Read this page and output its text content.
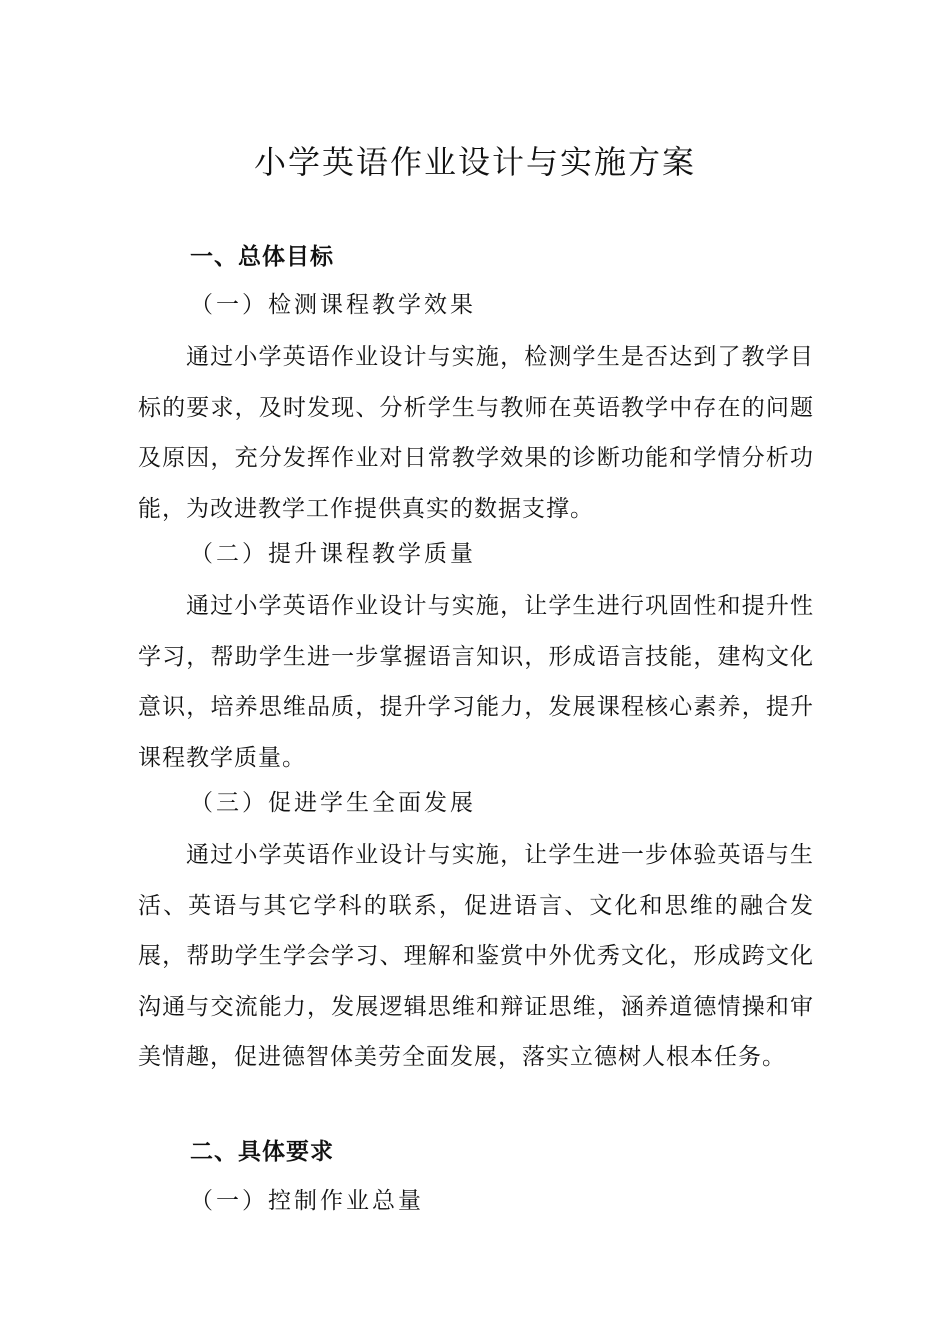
小学英语作业设计与实施方案
一、总体目标
（一）检测课程教学效果
通过小学英语作业设计与实施，检测学生是否达到了教学目标的要求，及时发现、分析学生与教师在英语教学中存在的问题及原因，充分发挥作业对日常教学效果的诊断功能和学情分析功能，为改进教学工作提供真实的数据支撑。
（二）提升课程教学质量
通过小学英语作业设计与实施，让学生进行巩固性和提升性学习，帮助学生进一步掌握语言知识，形成语言技能，建构文化意识，培养思维品质，提升学习能力，发展课程核心素养，提升课程教学质量。
（三）促进学生全面发展
通过小学英语作业设计与实施，让学生进一步体验英语与生活、英语与其它学科的联系，促进语言、文化和思维的融合发展，帮助学生学会学习、理解和鉴赏中外优秀文化，形成跨文化沟通与交流能力，发展逻辑思维和辩证思维，涵养道德情操和审美情趣，促进德智体美劳全面发展，落实立德树人根本任务。
二、具体要求
（一）控制作业总量
